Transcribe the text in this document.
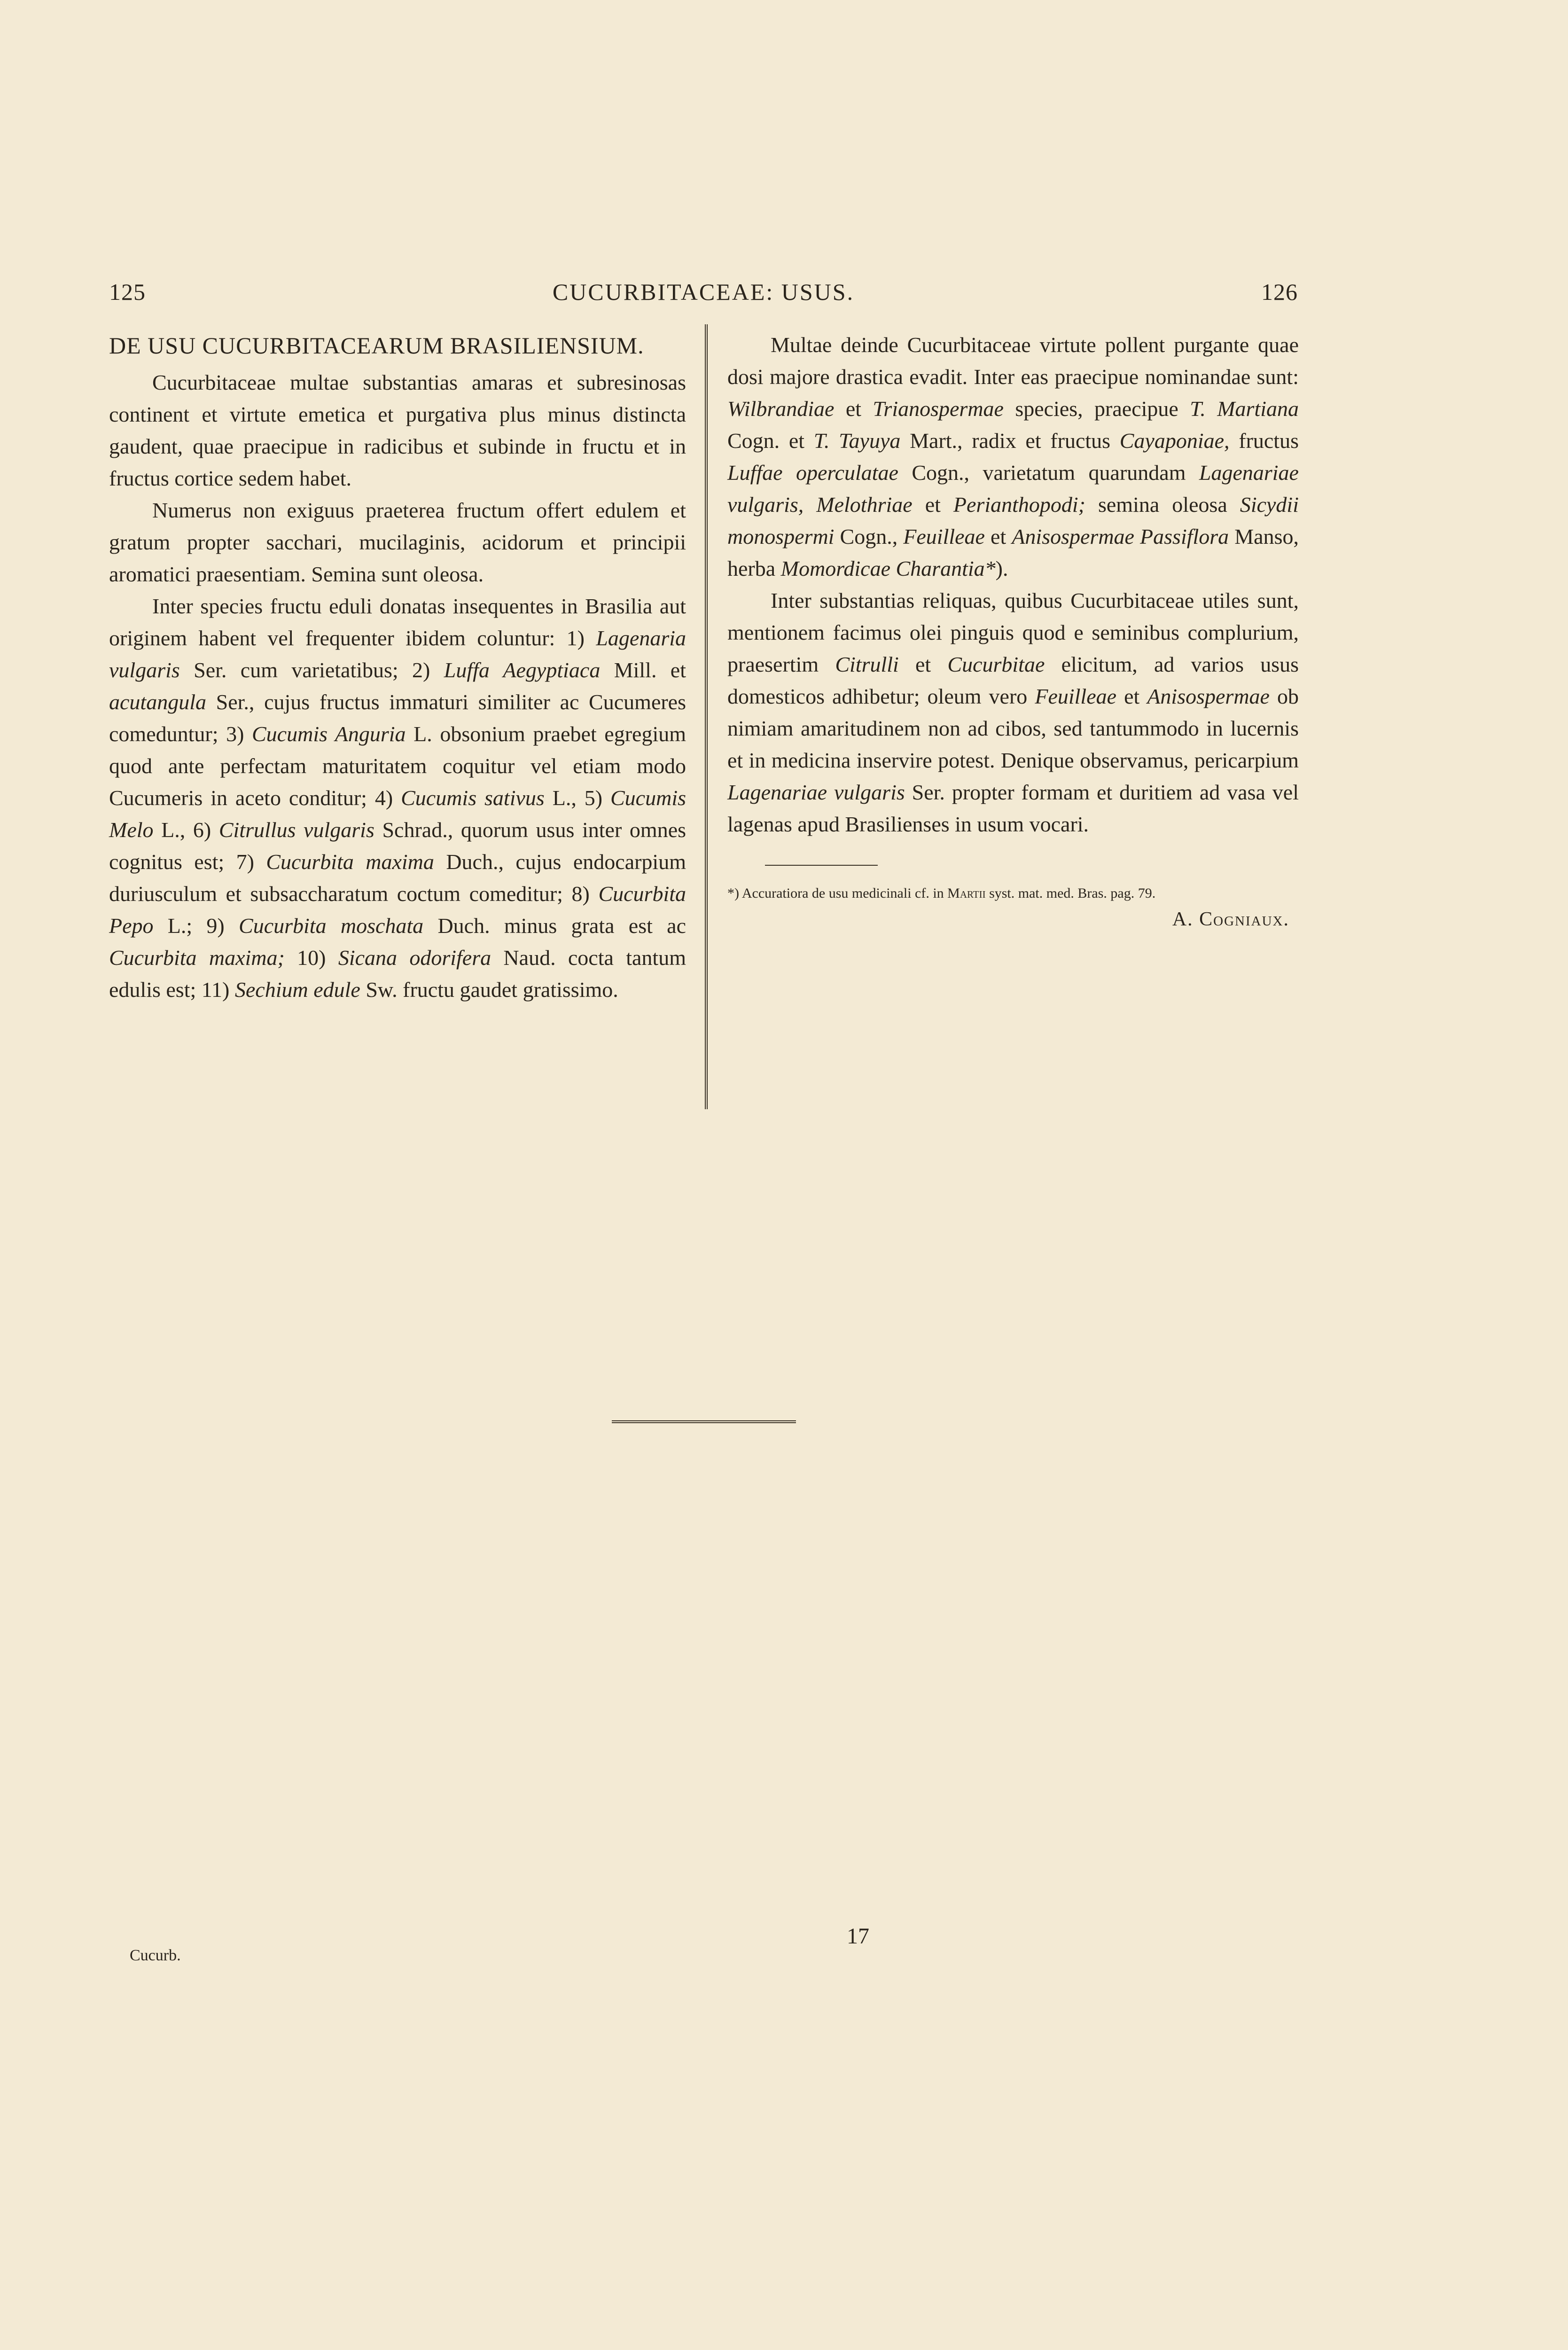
125	CUCURBITACEAE: USUS.	126
DE USU CUCURBITACEARUM BRASILIENSIUM.

Cucurbitaceae multae substantias amaras et subresinosas continent et virtute emetica et purgativa plus minus distincta gaudent, quae praecipue in radicibus et subinde in fructu et in fructus cortice sedem habet.

Numerus non exiguus praeterea fructum offert edulem et gratum propter sacchari, mucilaginis, acidorum et principii aromatici praesentiam. Semina sunt oleosa.

Inter species fructu eduli donatas insequentes in Brasilia aut originem habent vel frequenter ibidem coluntur: 1) Lagenaria vulgaris Ser. cum varietatibus; 2) Luffa Aegyptiaca Mill. et acutangula Ser., cujus fructus immaturi similiter ac Cucumeres comeduntur; 3) Cucumis Anguria L. obsonium praebet egregium quod ante perfectam maturitatem coquitur vel etiam modo Cucumeris in aceto conditur; 4) Cucumis sativus L., 5) Cucumis Melo L., 6) Citrullus vulgaris Schrad., quorum usus inter omnes cognitus est; 7) Cucurbita maxima Duch., cujus endocarpium duriusculum et subsaccharatum coctum comeditur; 8) Cucurbita Pepo L.; 9) Cucurbita moschata Duch. minus grata est ac Cucurbita maxima; 10) Sicana odorifera Naud. cocta tantum edulis est; 11) Sechium edule Sw. fructu gaudet gratissimo.

Multae deinde Cucurbitaceae virtute pollent purgante quae dosi majore drastica evadit. Inter eas praecipue nominandae sunt: Wilbrandiae et Trianospermae species, praecipue T. Martiana Cogn. et T. Tayuya Mart., radix et fructus Cayaponiae, fructus Luffae operculatae Cogn., varietatum quarundam Lagenariae vulgaris, Melothriae et Perianthopodi; semina oleosa Sicydii monospermi Cogn., Feuilleae et Anisospermae Passiflora Manso, herba Momordicae Charantia*).

Inter substantias reliquas, quibus Cucurbitaceae utiles sunt, mentionem facimus olei pinguis quod e seminibus complurium, praesertim Citrulli et Cucurbitae elicitum, ad varios usus domesticos adhibetur; oleum vero Feuilleae et Anisospermae ob nimiam amaritudinem non ad cibos, sed tantummodo in lucernis et in medicina inservire potest. Denique observamus, pericarpium Lagenariae vulgaris Ser. propter formam et duritiem ad vasa vel lagenas apud Brasilienses in usum vocari.

*) Accuratiora de usu medicinali cf. in Martii syst. mat. med. Bras. pag. 79.

A. Cogniaux.

17
Cucurb.
